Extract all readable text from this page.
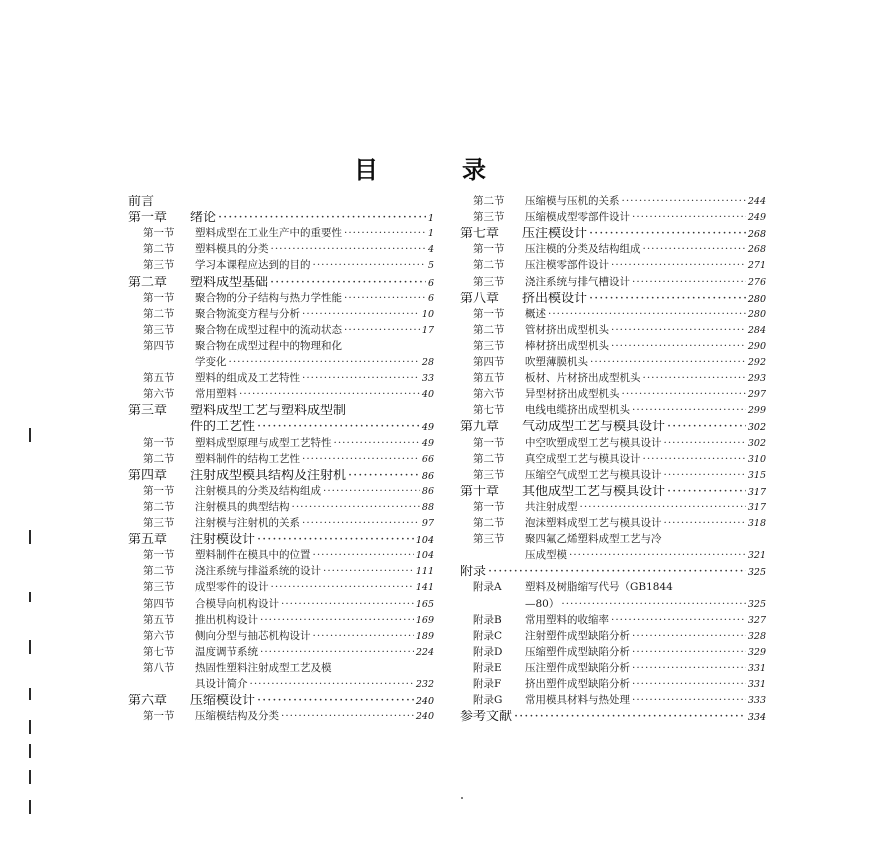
目　录
前言
第一章	绪论 ·····	1
第一节	塑料成型在工业生产中的重要性 ·····	1
第二节	塑料模具的分类 ·····	4
第三节	学习本课程应达到的目的 ·····	5
第二章	塑料成型基础 ·····	6
第一节	聚合物的分子结构与热力学性能 ·····	6
第二节	聚合物流变方程与分析 ·····	10
第三节	聚合物在成型过程中的流动状态 ·····	17
第四节	聚合物在成型过程中的物理和化
学变化 ·····	28
第五节	塑料的组成及工艺特性 ·····	33
第六节	常用塑料 ·····	40
第三章	塑料成型工艺与塑料成型制
件的工艺性 ·····	49
第一节	塑料成型原理与成型工艺特性 ·····	49
第二节	塑料制件的结构工艺性 ·····	66
第四章	注射成型模具结构及注射机 ·····	86
第一节	注射模具的分类及结构组成 ·····	86
第二节	注射模具的典型结构 ·····	88
第三节	注射模与注射机的关系 ·····	97
第五章	注射模设计 ·····	104
第一节	塑料制件在模具中的位置 ·····	104
第二节	浇注系统与排溢系统的设计 ·····	111
第三节	成型零件的设计 ·····	141
第四节	合模导向机构设计 ·····	165
第五节	推出机构设计 ·····	169
第六节	侧向分型与抽芯机构设计 ·····	189
第七节	温度调节系统 ·····	224
第八节	热固性塑料注射成型工艺及模
具设计简介 ·····	232
第六章	压缩模设计 ·····	240
第一节	压缩模结构及分类 ·····	240
第二节	压缩模与压机的关系 ·····	244
第三节	压缩模成型零部件设计 ·····	249
第七章	压注模设计 ·····	268
第一节	压注模的分类及结构组成 ·····	268
第二节	压注模零部件设计 ·····	271
第三节	浇注系统与排气槽设计 ·····	276
第八章	挤出模设计 ·····	280
第一节	概述 ·····	280
第二节	管材挤出成型机头 ·····	284
第三节	棒材挤出成型机头 ·····	290
第四节	吹塑薄膜机头 ·····	292
第五节	板材、片材挤出成型机头 ·····	293
第六节	异型材挤出成型机头 ·····	297
第七节	电线电缆挤出成型机头 ·····	299
第九章	气动成型工艺与模具设计 ·····	302
第一节	中空吹塑成型工艺与模具设计 ·····	302
第二节	真空成型工艺与模具设计 ·····	310
第三节	压缩空气成型工艺与模具设计 ·····	315
第十章	其他成型工艺与模具设计 ·····	317
第一节	共注射成型 ·····	317
第二节	泡沫塑料成型工艺与模具设计 ·····	318
第三节	聚四氟乙烯塑料成型工艺与冷
压成型模 ·····	321
附录 ·····	325
附录A	塑料及树脂缩写代号（GB1844
—80） ·····	325
附录B	常用塑料的收缩率 ·····	327
附录C	注射塑件成型缺陷分析 ·····	328
附录D	压缩塑件成型缺陷分析 ·····	329
附录E	压注塑件成型缺陷分析 ·····	331
附录F	挤出塑件成型缺陷分析 ·····	331
附录G	常用模具材料与热处理 ·····	333
参考文献 ·····	334
